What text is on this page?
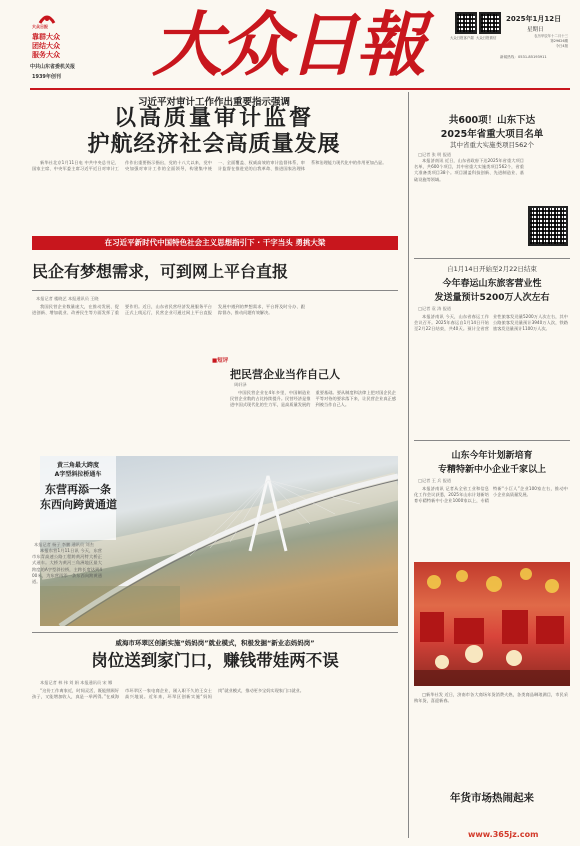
大众日报
靠群大众
团结大众
服务大众
中共山东省委机关报
1939年创刊 大众日報	大众日报客户端 大众日报微信
2025年1月12日
星期日
农历甲辰年十二月十三
第29626期
今日4版
新闻热线：0531-85193911
习近平对审计工作作出重要指示强调
以高质量审计监督
护航经济社会高质量发展

新华社北京1月11日电 中共中央总书记、国家主席、中央军委主席习近平近日对审计工作作出重要指示指出，党的十八大以来，党中央加强对审计工作的全面领导，构建集中统一、全面覆盖、权威高效的审计监督体系，审计监督在推进党的自我革命、推进国家治理体系和治理能力现代化中的作用更加凸显。

在习近平新时代中国特色社会主义思想指引下 · 干字当头 勇挑大梁
民企有梦想需求，可到网上平台直报
本报记者 楼晓艺 本报通讯员 王晓

我国民营企业数量庞大，在推动发展、促进创新、增加就业、改善民生等方面发挥了重要作用。近日，山东省民营经济发展服务平台正式上线运行，民营企业可通过网上平台直报发展中遇到的梦想需求，平台将及时分办、跟踪督办，推动问题有效解决。

■短评
把民营企业当作自己人
周轩泽

中国民营企业在4年多里，中国制造业民营企业数的占比持续提升。民营经济是推进中国式现代化的生力军，是高质量发展的重要基础。要从制度和法律上把对国企民企平等对待的要求落下来，让民营企业真正感到被当作自己人。

黄三角最大跨度
A字型斜拉桥通车
东营再添一条
东西向跨黄通道
本报记者 杨子 李鹏 通讯员 刘杰

本报东营1月11日讯 今天，东营市东青高速公路工程跨黄河特大桥正式通车。大桥为黄河三角洲地区最大跨度的A字型斜拉桥，主跨长度达到400米，为东营再添一条东西向跨黄通道。

威海市环翠区创新实施“妈妈岗”就业模式，积极发掘“新业态妈妈岗”
岗位送到家门口，赚钱带娃两不误
本报记者 林 伟 刘 娟 本报通讯员 宋 娜

“这份工作离家近，时间灵活，既能照顾好孩子，又能增加收入，真是一举两得。”在威海市环翠区一家电商企业，刚入职不久的王女士高兴地说。近年来，环翠区创新实施“妈妈岗”就业模式，推动更多宝妈实现家门口就业。

共600项！山东下达
2025年省重大项目名单
其中省重大实施类项目562个
□记者 张 明 报道

本报济南讯 近日，山东省政府下达2025年省重大项目名单，共600个项目，其中省重大实施类项目562个，省重大准备类项目38个。项目涵盖科技创新、先进制造业、基础设施等领域。

自1月14日开始至2月22日结束
今年春运山东旅客营业性
发送量预计5200万人次左右
□记者 袁 涛 报道

本报济南讯 今天，山东省春运工作会议召开。2025年春运自1月14日开始至2月22日结束，共40天。预计全省营业性旅客发送量5200万人次左右，其中公路旅客发送量预计3940万人次，铁路旅客发送量预计1100万人次。

山东今年计划新培育
专精特新中小企业千家以上
□记者 王 兵 报道

本报济南讯 记者从全省工业和信息化工作会议获悉，2025年山东计划新培育专精特新中小企业1000家以上，专精特新“小巨人”企业100家左右，推动中小企业高质量发展。

年货市场热闹起来

□新华社发 近日，济南市各大商场年货消费火热，各类商品琳琅满目，市民采购年货，喜迎新春。

www.365jz.com
